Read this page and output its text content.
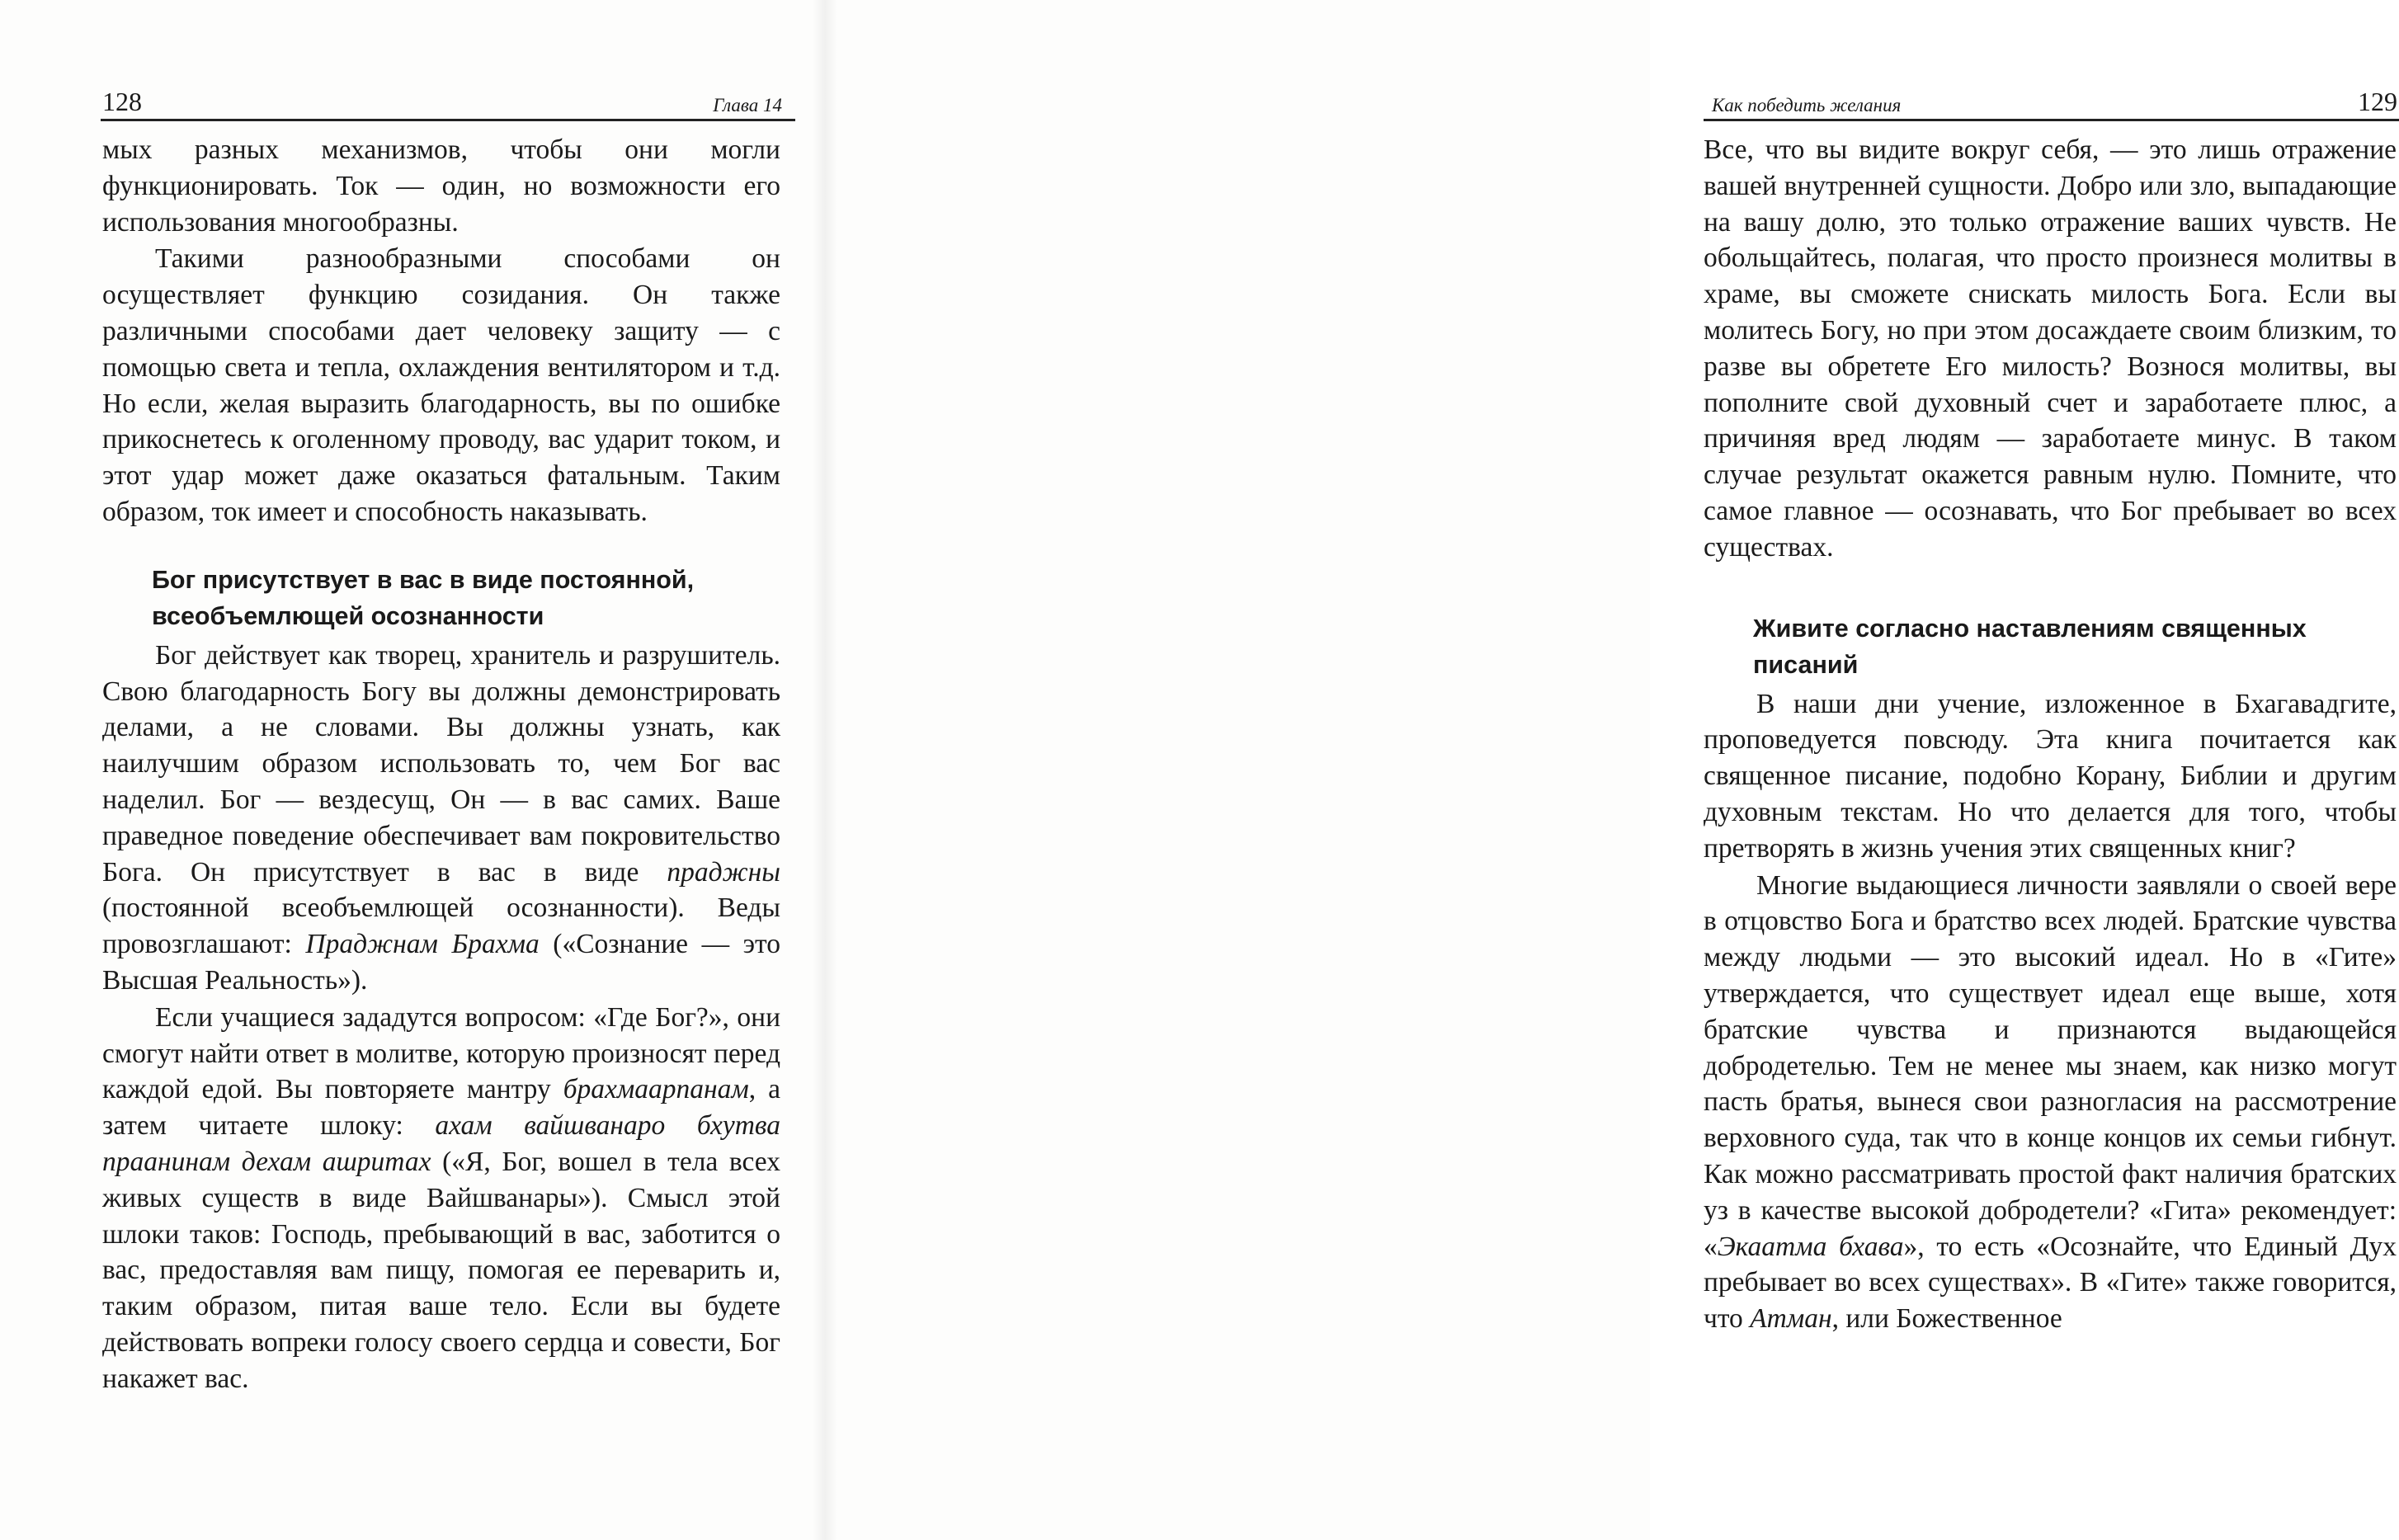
128	Глава 14

мых разных механизмов, чтобы они могли функционировать. Ток — один, но возможности его использования многообразны.

Такими разнообразными способами он осуществляет функцию созидания. Он также различными способами дает человеку защиту — с помощью света и тепла, охлаждения вентилятором и т.д. Но если, желая выразить благодарность, вы по ошибке прикоснетесь к оголенному проводу, вас ударит током, и этот удар может даже оказаться фатальным. Таким образом, ток имеет и способность наказывать.

Бог присутствует в вас в виде постоянной, всеобъемлющей осознанности

Бог действует как творец, хранитель и разрушитель. Свою благодарность Богу вы должны демонстрировать делами, а не словами. Вы должны узнать, как наилучшим образом использовать то, чем Бог вас наделил. Бог — вездесущ, Он — в вас самих. Ваше праведное поведение обеспечивает вам покровительство Бога. Он присутствует в вас в виде праджны (постоянной всеобъемлющей осознанности). Веды провозглашают: Праджнам Брахма («Сознание — это Высшая Реальность»).

Если учащиеся зададутся вопросом: «Где Бог?», они смогут найти ответ в молитве, которую произносят перед каждой едой. Вы повторяете мантру брахмаарпанам, а затем читаете шлоку: ахам вайшванаро бхутва праанинам дехам ашритах («Я, Бог, вошел в тела всех живых существ в виде Вайшванары»). Смысл этой шлоки таков: Господь, пребывающий в вас, заботится о вас, предоставляя вам пищу, помогая ее переварить и, таким образом, питая ваше тело. Если вы будете действовать вопреки голосу своего сердца и совести, Бог накажет вас.

Как победить желания	129

Все, что вы видите вокруг себя, — это лишь отражение вашей внутренней сущности. Добро или зло, выпадающие на вашу долю, это только отражение ваших чувств. Не обольщайтесь, полагая, что просто произнеся молитвы в храме, вы сможете снискать милость Бога. Если вы молитесь Богу, но при этом досаждаете своим близким, то разве вы обретете Его милость? Вознося молитвы, вы пополните свой духовный счет и заработаете плюс, а причиняя вред людям — заработаете минус. В таком случае результат окажется равным нулю. Помните, что самое главное — осознавать, что Бог пребывает во всех существах.

Живите согласно наставлениям священных писаний

В наши дни учение, изложенное в Бхагавадгите, проповедуется повсюду. Эта книга почитается как священное писание, подобно Корану, Библии и другим духовным текстам. Но что делается для того, чтобы претворять в жизнь учения этих священных книг?

Многие выдающиеся личности заявляли о своей вере в отцовство Бога и братство всех людей. Братские чувства между людьми — это высокий идеал. Но в «Гите» утверждается, что существует идеал еще выше, хотя братские чувства и признаются выдающейся добродетелью. Тем не менее мы знаем, как низко могут пасть братья, вынеся свои разногласия на рассмотрение верховного суда, так что в конце концов их семьи гибнут. Как можно рассматривать простой факт наличия братских уз в качестве высокой добродетели? «Гита» рекомендует: «Экаатма бхава», то есть «Осознайте, что Единый Дух пребывает во всех существах». В «Гите» также говорится, что Атман, или Божественное
